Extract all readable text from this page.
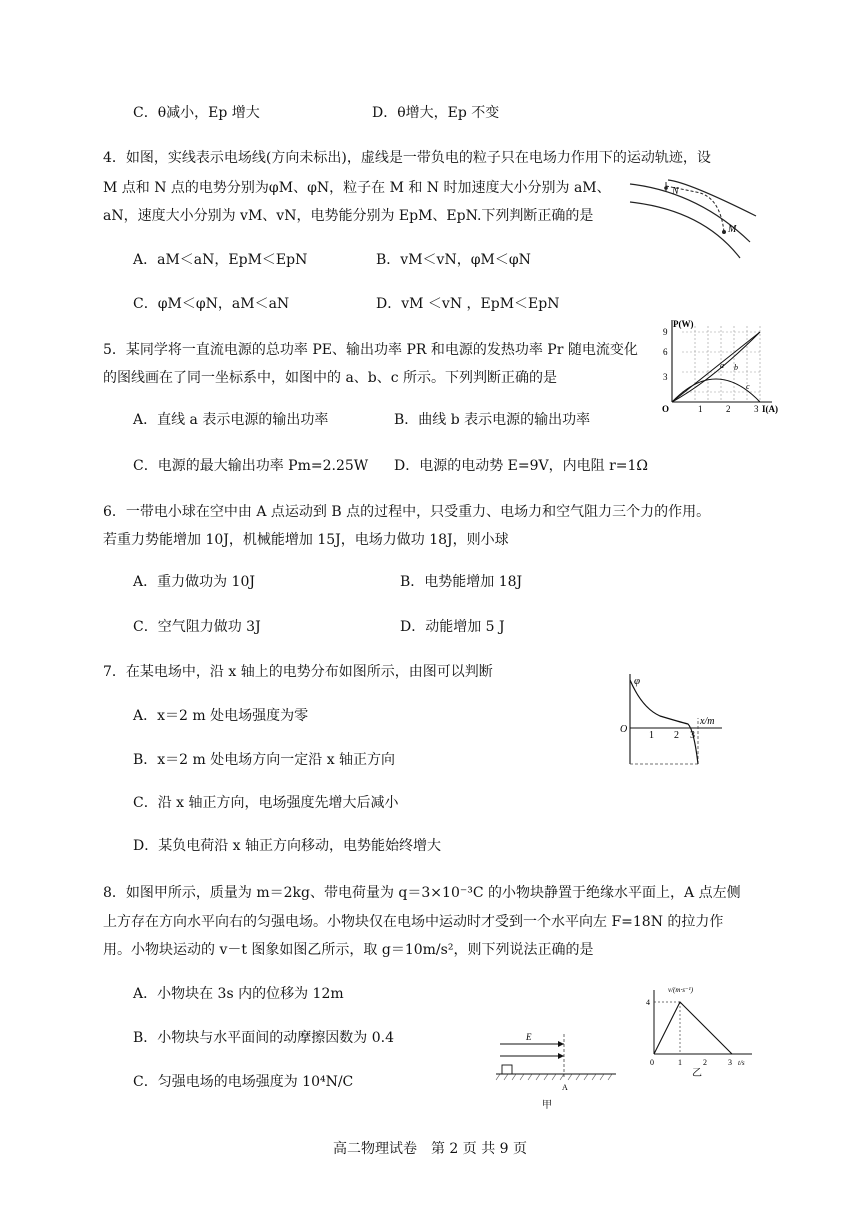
C．θ减小，Ep 增大	D．θ增大，Ep 不变
4．如图，实线表示电场线(方向未标出)，虚线是一带负电的粒子只在电场力作用下的运动轨迹，设
M 点和 N 点的电势分别为φM、φN，粒子在 M 和 N 时加速度大小分别为 aM、
aN，速度大小分别为 vM、vN，电势能分别为 EpM、EpN.下列判断正确的是
A．aM＜aN，EpM＜EpN	B．vM＜vN，φM＜φN
C．φM＜φN，aM＜aN	D．vM ＜vN ，EpM＜EpN
N
M
5．某同学将一直流电源的总功率 PE、输出功率 PR 和电源的发热功率 Pr 随电流变化
的图线画在了同一坐标系中，如图中的 a、b、c 所示。下列判断正确的是
A．直线 a 表示电源的输出功率	B．曲线 b 表示电源的输出功率
C．电源的最大输出功率 Pm=2.25W D．电源的电动势 E=9V，内电阻 r=1Ω
P(W)
I(A)
9
6
3
O	1	2	3
a b
c
6．一带电小球在空中由 A 点运动到 B 点的过程中，只受重力、电场力和空气阻力三个力的作用。
若重力势能增加 10J，机械能增加 15J，电场力做功 18J，则小球
A．重力做功为 10J	B．电势能增加 18J
C．空气阻力做功 3J	D．动能增加 5 J
7．在某电场中，沿 x 轴上的电势分布如图所示，由图可以判断
A．x＝2 m 处电场强度为零
B．x＝2 m 处电场方向一定沿 x 轴正方向
C．沿 x 轴正方向，电场强度先增大后减小
D．某负电荷沿 x 轴正方向移动，电势能始终增大
φ
x/m
O
1 2 3
8．如图甲所示，质量为 m＝2kg、带电荷量为 q＝3×10⁻³C 的小物块静置于绝缘水平面上，A 点左侧
上方存在方向水平向右的匀强电场。小物块仅在电场中运动时才受到一个水平向左 F=18N 的拉力作
用。小物块运动的 v－t 图象如图乙所示，取 g＝10m/s²，则下列说法正确的是
A．小物块在 3s 内的位移为 12m
B．小物块与水平面间的动摩擦因数为 0.4
C．匀强电场的电场强度为 10⁴N/C
E
A
甲
v/(m·s⁻¹)
4
0	1	2	3 t/s
乙
高二物理试卷　第 2 页 共 9 页
